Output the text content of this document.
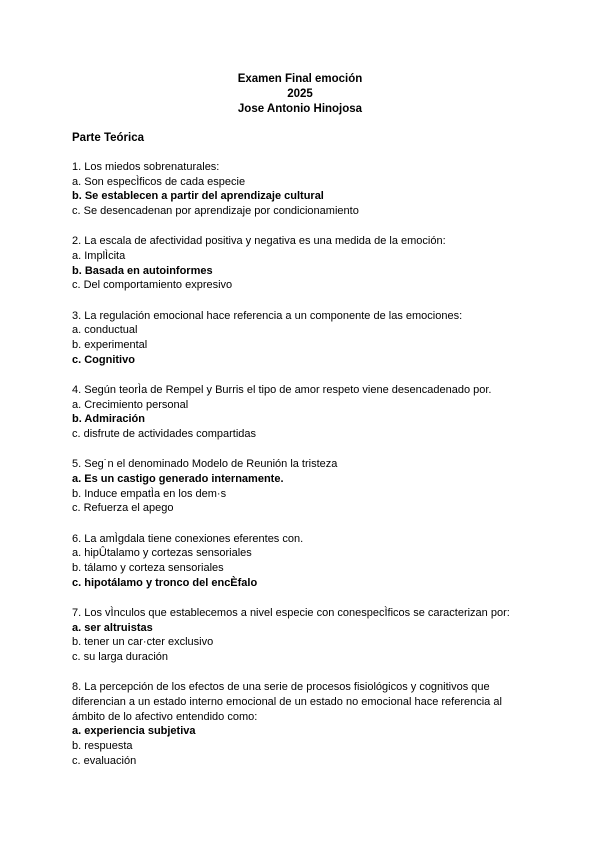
Examen Final emoción
2025
Jose Antonio Hinojosa
Parte Teórica
1. Los miedos sobrenaturales:
a. Son especÌficos de cada especie
b. Se establecen a partir del aprendizaje cultural
c. Se desencadenan por aprendizaje por condicionamiento
2. La escala de afectividad positiva y negativa es una medida de la emoción:
a. ImplÌcita
b. Basada en autoinformes
c. Del comportamiento expresivo
3. La regulación emocional hace referencia a un componente de las emociones:
a. conductual
b. experimental
c. Cognitivo
4. Según teorÌa de Rempel y Burris el tipo de amor respeto viene desencadenado por.
a. Crecimiento personal
b. Admiración
c. disfrute de actividades compartidas
5. Seg˙n el denominado Modelo de Reunión la tristeza
a. Es un castigo generado internamente.
b. Induce empatÌa en los dem·s
c. Refuerza el apego
6. La amÌgdala tiene conexiones eferentes con.
a. hipÛtalamo y cortezas sensoriales
b. tálamo y corteza sensoriales
c. hipotálamo y tronco del encÈfalo
7. Los vÌnculos que establecemos a nivel especie con conespecÌficos se caracterizan por:
a. ser altruistas
b. tener un car·cter exclusivo
c. su larga duración
8. La percepción de los efectos de una serie de procesos fisiológicos y cognitivos que
diferencian a un estado interno emocional de un estado no emocional hace referencia al
ámbito de lo afectivo entendido como:
a. experiencia subjetiva
b. respuesta
c. evaluación
